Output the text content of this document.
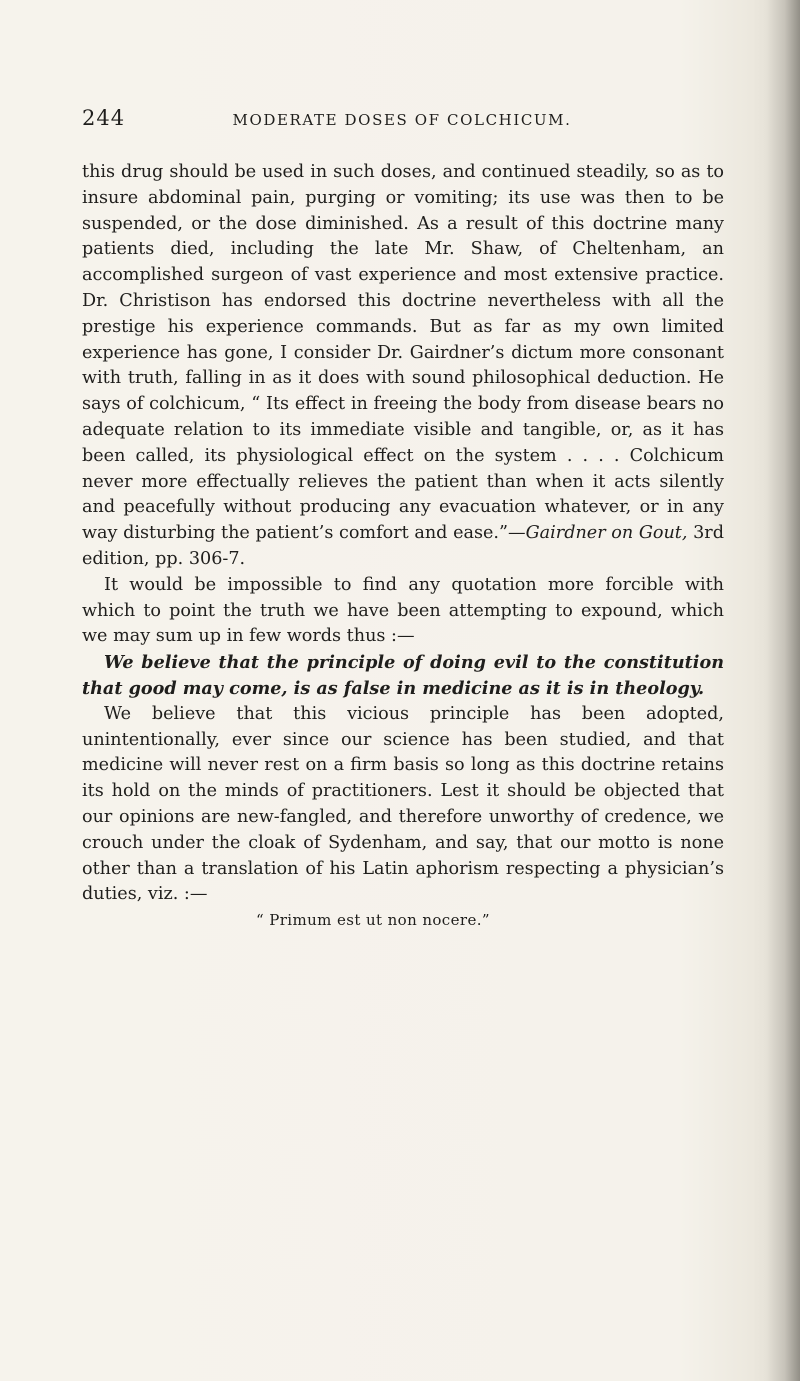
244	MODERATE DOSES OF COLCHICUM.

this drug should be used in such doses, and continued steadily, so as to insure abdominal pain, purging or vomiting; its use was then to be suspended, or the dose diminished. As a result of this doctrine many patients died, including the late Mr. Shaw, of Cheltenham, an accomplished surgeon of vast experience and most extensive practice. Dr. Christison has endorsed this doctrine nevertheless with all the prestige his experience commands. But as far as my own limited experience has gone, I consider Dr. Gairdner’s dictum more consonant with truth, falling in as it does with sound philosophical deduction. He says of colchicum, “ Its effect in freeing the body from disease bears no adequate relation to its immediate visible and tangible, or, as it has been called, its physiological effect on the system . . . . Colchicum never more effectually relieves the patient than when it acts silently and peacefully without producing any evacuation whatever, or in any way disturbing the patient’s comfort and ease.”—Gairdner on Gout, 3rd edition, pp. 306-7.

It would be impossible to find any quotation more forcible with which to point the truth we have been attempting to expound, which we may sum up in few words thus :—

We believe that the principle of doing evil to the constitution that good may come, is as false in medicine as it is in theology.

We believe that this vicious principle has been adopted, unintentionally, ever since our science has been studied, and that medicine will never rest on a firm basis so long as this doctrine retains its hold on the minds of practitioners. Lest it should be objected that our opinions are new-fangled, and therefore unworthy of credence, we crouch under the cloak of Sydenham, and say, that our motto is none other than a translation of his Latin aphorism respecting a physician’s duties, viz. :—

“ Primum est ut non nocere.”
